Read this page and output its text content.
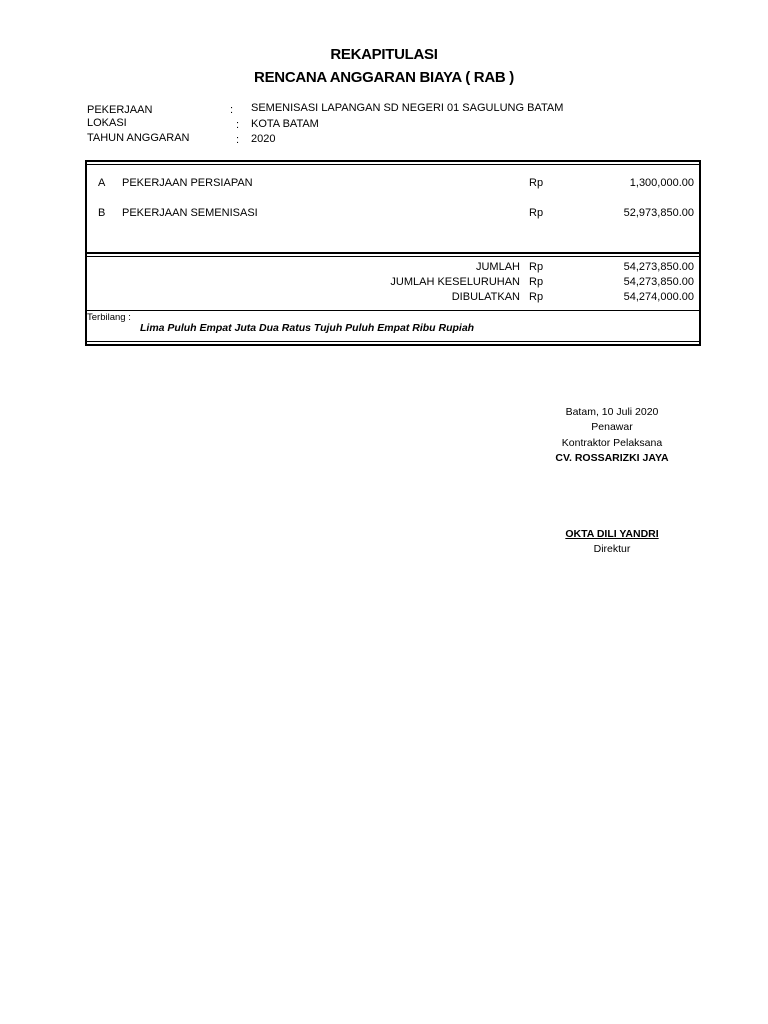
REKAPITULASI
RENCANA ANGGARAN BIAYA ( RAB )
PEKERJAAN	: SEMENISASI LAPANGAN SD NEGERI 01 SAGULUNG BATAM
LOKASI	: KOTA BATAM
TAHUN ANGGARAN	: 2020
A PEKERJAAN PERSIAPAN	Rp	1,300,000.00
B PEKERJAAN SEMENISASI	Rp	52,973,850.00
JUMLAH Rp	54,273,850.00
JUMLAH KESELURUHAN Rp	54,273,850.00
DIBULATKAN Rp	54,274,000.00
Terbilang :
Lima Puluh Empat Juta Dua Ratus Tujuh Puluh Empat Ribu Rupiah
Batam, 10 Juli 2020
Penawar
Kontraktor Pelaksana
CV. ROSSARIZKI JAYA
OKTA DILI YANDRI
Direktur
